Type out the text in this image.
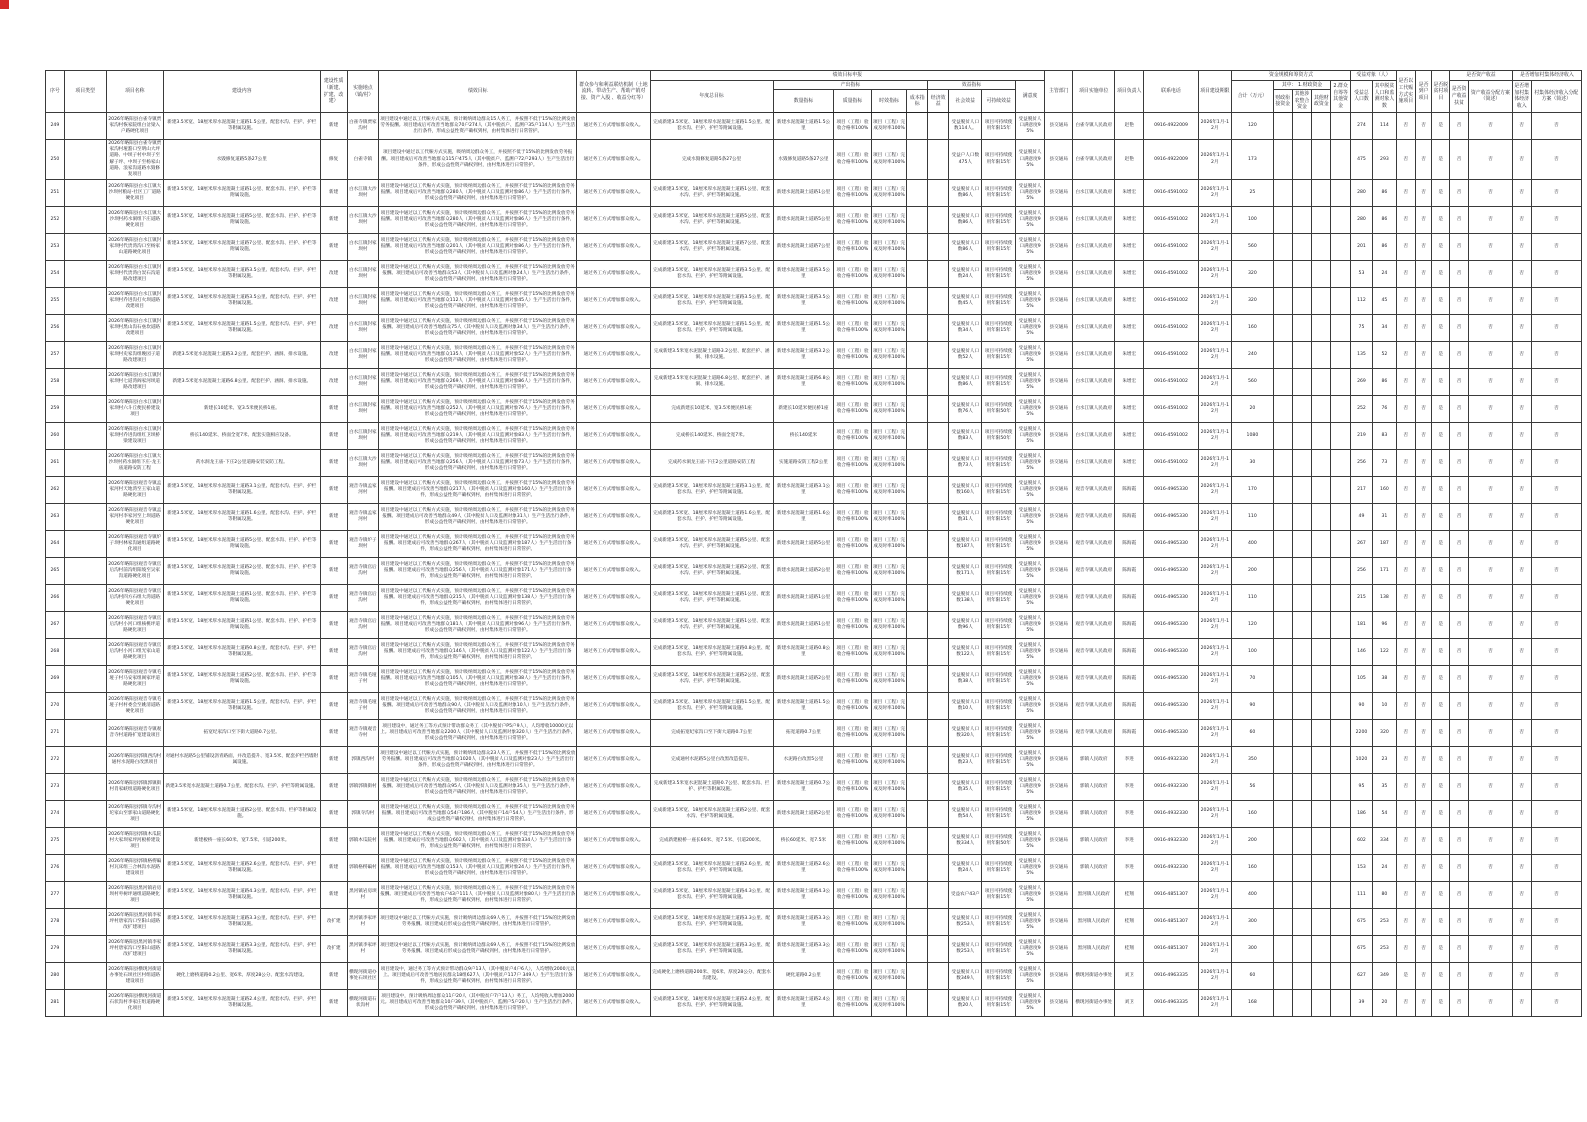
序号	项目类型	项目名称	建设内容	建设性质（新建、扩建、改建）	实施地点（镇/村）	绩效目标	群众参与和利益联结机制（土地流转、带动生产、帮助产销对接、资产入股 、收益分红等）	绩效目标申报									主管部门	项目实施单位	项目负责人	联系电话	项目建设期限	资金规模和筹资方式					受益对象（人）		是否以工代赈方式实施项目	是否到户项目	是否脱贫村项目	是否资产收益		是否增加村集体经济收入	
								年度总目标	产出指标				效益指标			满意度						合计（万元）	其中： 1.财政资金			2.群众自筹等其他资金	受益总人口数	其中脱贫人口和监测对象人数				是否资产收益扶贫	资产收益分配方案（简述）	是否增加村集体经济收入	村集体经济收入分配方案（简述）
									数量指标	质量指标	时效指标	成本指标	经济效益	社会效益	可持续效益								财政衔接资金	其他涉农整合资金	其他财政资金										
249		2026年略阳县白雀寺镇贾家沟村恢家院组白岔梁入户路硬化项目	新建3.5米宽、18厘米厚水泥混凝土道路1.5公里、配套水沟、拦护、护栏等附属设施。	新建	白雀寺镇贾家沟村	项目建设中通过以工代赈方式实施，预计吸纳周边群众15人务工，并按照不低于15%的比例发放劳务报酬。项目建成后可改善当地群众70户274人（其中脱贫户、监测户35户114人）生产生活出行条件，形成公益性资产确权到村，由村集体进行日常管护。	通过务工方式增加群众收入。	完成新建3.5米宽、18厘米厚水泥混凝土道路1.5公里、配套水沟、拦护、护栏等附属设施。	新建水泥混凝土道路1.5公里	项目（工程）验收合格率100%	项目（工程）完成及时率100%			受益脱贫人口数114人。	项目可持续使用年限15年	受益脱贫人口满意度95%	县交通局	白雀寺镇人民政府	赵艳	0916-4922009	2026年1月-12月	120					274	114	否	否	是	否	否	否	否
250		2026年略阳县白雀寺镇贾家沟村垭豁口至明山大坪道路、中坝子村中坝子至解子坪、中坝子至杨家山道路、浪家沟道路水毁修复项目	水毁修复道路5条27公里	修复	白雀寺镇	项目建设中通过以工代赈方式实施，吸纳周边群众务工，并按照不低于15%的比例发放劳务报酬。项目建成后可改善当地群众115户475人（其中脱贫户、监测户72户293人）生产生活出行条件，形成公益性资产确权到村，由村集体进行日常管护。	通过务工方式增加群众收入。	完成水毁修复道路5条27公里	水毁修复道路5条27公里	项目（工程）验收合格率100%	项目（工程）完成及时率100%			受益户人口数475人	项目可持续使用年限15年	受益脱贫人口满意度95%	县交通局	白雀寺镇人民政府	赵艳	0916-4922009	2026年1月-12月	173					475	293	否	否	是	否	否	否	否
251		2026年略阳县白水江镇大沙坝村粮站-社区工厂道路硬化项目	新建3.5米宽、18厘米厚水泥混凝土道路1公里、配套水沟、拦护、护栏等附属设施。	新建	白水江镇大沙坝村	项目建设中通过以工代赈方式实施，预计吸纳周边群众务工，并按照不低于15%的比例发放劳务报酬。项目建成后可改善当地群众280人（其中脱贫人口及监测对象86人）生产生活出行条件，形成公益性资产确权到村，由村集体进行日常管护。	通过务工方式增加群众收入。	完成新建3.5米宽、18厘米厚水泥混凝土道路1公里、配套水沟、拦护、护栏等附属设施。	新建水泥混凝土道路1公里	项目（工程）验收合格率100%	项目（工程）完成及时率100%			受益脱贫人口数86人	项目可持续使用年限15年	受益脱贫人口满意度95%	县交通局	白水江镇人民政府	朱增宏	0916-4591002	2026年1月-12月	25					280	86	否	否	是	否	否	否	否
252		2026年略阳县白水江镇大沙坝村药水洞组下庄道路硬化项目	新建3.5米宽、18厘米厚水泥混凝土道路5公里、配套水沟、拦护、护栏等附属设施。	新建	白水江镇大沙坝村	项目建设中通过以工代赈方式实施，预计吸纳周边群众务工，并按照不低于15%的比例发放劳务报酬。项目建成后可改善当地群众280人（其中脱贫人口及监测对象86人）生产生活出行条件，形成公益性资产确权到村，由村集体进行日常管护。	通过务工方式增加群众收入。	完成新建3.5米宽、18厘米厚水泥混凝土道路5公里、配套水沟、拦护、护栏等附属设施。	新建水泥混凝土道路5公里	项目（工程）验收合格率100%	项目（工程）完成及时率100%			受益脱贫人口数86人	项目可持续使用年限15年	受益脱贫人口满意度95%	县交通局	白水江镇人民政府	朱增宏	0916-4591002	2026年1月-12月	100					280	86	否	否	是	否	否	否	否
253		2026年略阳县白水江镇封家坝村代贵湾沟口至杨家山道路硬化项目	新建3.5米宽、18厘米厚水泥混凝土道路7公里、配套水沟、拦护、护栏等附属设施。	新建	白水江镇封家坝村	项目建设中通过以工代赈方式实施，预计吸纳周边群众务工，并按照不低于15%的比例发放劳务报酬。项目建成后可改善当地群众201人（其中脱贫人口及监测对象86人）生产生活出行条件，形成公益性资产确权到村，由村集体进行日常管护。	通过务工方式增加群众收入。	完成新建3.5米宽、18厘米厚水泥混凝土道路7公里、配套水沟、拦护、护栏等附属设施。	新建水泥混凝土道路7公里	项目（工程）验收合格率100%	项目（工程）完成及时率100%			受益脱贫人口数86人	项目可持续使用年限15年	受益脱贫人口满意度95%	县交通局	白水江镇人民政府	朱增宏	0916-4591002	2026年1月-12月	560					201	86	否	否	是	否	否	否	否
254		2026年略阳县白水江镇封家坝村代贵湾白炭石沟道路改建项目	新建3.5米宽、18厘米厚水泥混凝土道路3.5公里、配套水沟、拦护、护栏等附属设施。	改建	白水江镇封家坝村	项目建设中通过以工代赈方式实施，预计吸纳周边群众务工，并按照不低于15%的比例发放劳务报酬。项目建成后可改善当地群众53人（其中脱贫人口及监测对象24人）生产生活出行条件，形成公益性资产确权到村，由村集体进行日常管护。	通过务工方式增加群众收入。	完成新建3.5米宽、18厘米厚水泥混凝土道路3.5公里、配套水沟、拦护、护栏等附属设施。	新建水泥混凝土道路3.5公里	项目（工程）验收合格率100%	项目（工程）完成及时率100%			受益脱贫人口数24人	项目可持续使用年限15年	受益脱贫人口满意度95%	县交通局	白水江镇人民政府	朱增宏	0916-4591002	2026年1月-12月	320					53	24	否	否	是	否	否	否	否
255		2026年略阳县白水江镇封家坝村乔进沟打火坝道路改建项目	新建3.5米宽、18厘米厚水泥混凝土道路3.5公里、配套水沟、拦护、护栏等附属设施。	改建	白水江镇封家坝村	项目建设中通过以工代赈方式实施，预计吸纳周边群众务工，并按照不低于15%的比例发放劳务报酬。项目建成后可改善当地群众112人（其中脱贫人口及监测对象45人）生产生活出行条件，形成公益性资产确权到村，由村集体进行日常管护。	通过务工方式增加群众收入。	完成新建3.5米宽、18厘米厚水泥混凝土道路3.5公里、配套水沟、拦护、护栏等附属设施。	新建水泥混凝土道路3.5公里	项目（工程）验收合格率100%	项目（工程）完成及时率100%			受益脱贫人口数45人	项目可持续使用年限15年	受益脱贫人口满意度95%	县交通局	白水江镇人民政府	朱增宏	0916-4591002	2026年1月-12月	320					112	45	否	否	是	否	否	否	否
256		2026年略阳县白水江镇封家坝村黑山沟石垒坎道路改建项目	新建3.5米宽、18厘米厚水泥混凝土道路1.5公里、配套水沟、拦护、护栏等附属设施。	改建	白水江镇封家坝村	项目建设中通过以工代赈方式实施，预计吸纳周边群众务工，并按照不低于15%的比例发放劳务报酬。项目建成后可改善当地群众75人（其中脱贫人口及监测对象34人）生产生活出行条件，形成公益性资产确权到村，由村集体进行日常管护。	通过务工方式增加群众收入。	完成新建3.5米宽、18厘米厚水泥混凝土道路1.5公里、配套水沟、拦护、护栏等附属设施。	新建水泥混凝土道路1.5公里	项目（工程）验收合格率100%	项目（工程）完成及时率100%			受益脱贫人口数34人	项目可持续使用年限15年	受益脱贫人口满意度95%	县交通局	白水江镇人民政府	朱增宏	0916-4591002	2026年1月-12月	160					75	34	否	否	是	否	否	否	否
257		2026年略阳县白水江镇封家坝村史家沟组晚园子道路改建项目	新建3.5米宽水泥混凝土道路3.2公里、配套拦护、涵洞、排水设施。	改建	白水江镇封家坝村	项目建设中通过以工代赈方式实施，预计吸纳周边群众务工，并按照不低于15%的比例发放劳务报酬。项目建成后可改善当地群众135人（其中脱贫人口及监测对象52人）生产生活出行条件，形成公益性资产确权到村，由村集体进行日常管护。	通过务工方式增加群众收入。	完成新建3.5米宽水泥混凝土道路3.2公里、配套拦护、涵洞、排水设施。	新建水泥混凝土道路3.2公里	项目（工程）验收合格率100%	项目（工程）完成及时率100%			受益脱贫人口数52人	项目可持续使用年限15年	受益脱贫人口满意度95%	县交通局	白水江镇人民政府	朱增宏	0916-4591002	2026年1月-12月	240					135	52	否	否	是	否	否	否	否
258		2026年略阳县白水江镇封家坝村七道湾阎家河坝道路改建项目	新建3.5米宽水泥混凝土道路6.8公里、配套拦护、涵洞、排水设施。	改建	白水江镇封家坝村	项目建设中通过以工代赈方式实施，预计吸纳周边群众务工，并按照不低于15%的比例发放劳务报酬。项目建成后可改善当地群众269人（其中脱贫人口及监测对象86人）生产生活出行条件，形成公益性资产确权到村，由村集体进行日常管护。	通过务工方式增加群众收入。	完成新建3.5米宽水泥混凝土道路6.8公里、配套拦护、涵洞、排水设施。	新建水泥混凝土道路6.8公里	项目（工程）验收合格率100%	项目（工程）完成及时率100%			受益脱贫人口数86人	项目可持续使用年限15年	受益脱贫人口满意度95%	县交通局	白水江镇人民政府	朱增宏	0916-4591002	2026年1月-12月	560					269	86	否	否	是	否	否	否	否
259		2026年略阳县白水江镇封家坝村六斗丘便民桥建设项目	新建长10延米、宽3.5米便民桥1座。	新建	白水江镇封家坝村	项目建设中通过以工代赈方式实施，预计吸纳周边群众务工，并按照不低于15%的比例发放劳务报酬。项目建成后可改善当地群众252人（其中脱贫人口及监测对象76人）生产生活出行条件，形成公益性资产确权到村，由村集体进行日常管护。	通过务工方式增加群众收入。	完成新建长10延米、宽3.5米便民桥1座	新建长10延米便民桥1座	项目（工程）验收合格率100%	项目（工程）完成及时率100%			受益脱贫人口数76人	项目可持续使用年限50年	受益脱贫人口满意度95%	县交通局	白水江镇人民政府	朱增宏	0916-4591002	2026年1月-12月	20					252	76	否	否	是	否	否	否	否
260		2026年略阳县白水江镇封家坝村乔进沟组红卫坝桥梁建设项目	桥长140延米、桥面全宽7米、配套实施相应设备。	新建	白水江镇封家坝村	项目建设中通过以工代赈方式实施，预计吸纳周边群众务工，并按照不低于15%的比例发放劳务报酬。项目建成后可改善当地群众219人（其中脱贫人口及监测对象83人）生产生活出行条件，形成公益性资产确权到村，由村集体进行日常管护。	通过务工方式增加群众收入。	完成桥长140延米、桥面全宽7米。	桥长140延米	项目（工程）验收合格率100%	项目（工程）完成及时率100%			受益脱贫人口数83人	项目可持续使用年限50年	受益脱贫人口满意度95%	县交通局	白水江镇人民政府	朱增宏	0916-4591002	2026年1月-12月	1080					219	83	否	否	是	否	否	否	否
261		2026年略阳县白水江镇大沙坝村药水洞组下庄-龙王庙道路安防工程	药水洞龙王庙-下庄2公里道路安装安防工程。	新建	白水江镇大沙坝村	项目建设中通过以工代赈方式实施，预计吸纳周边群众务工，并按照不低于15%的比例发放劳务报酬。项目建成后可改善当地群众256人（其中脱贫人口及监测对象73人）生产生活出行条件，形成公益性资产确权到村，由村集体进行日常管护。	通过务工方式增加群众收入。	完成药水洞龙王庙-下庄2公里道路安防工程	实施道路安防工程2公里	项目（工程）验收合格率100%	项目（工程）完成及时率100%			受益脱贫人口数73人	项目可持续使用年限15年	受益脱贫人口满意度95%	县交通局	白水江镇人民政府	朱增宏	0916-4591002	2026年1月-12月	30					256	73	否	否	是	否	否	否	否
262		2026年略阳县观音寺镇孟家河村天地湾至王家山道路硬化项目	新建3.5米宽、18厘米厚水泥混凝土道路3.1公里、配套水沟、拦护、护栏等附属设施。	新建	观音寺镇孟家河村	项目建设中通过以工代赈方式实施，预计吸纳周边群众务工，并按照不低于15%的比例发放劳务报酬。项目建成后可改善当地群众217人（其中脱贫人口及监测对象160人）生产生活出行条件，形成公益性资产确权到村，由村集体进行日常管护。	通过务工方式增加群众收入。	完成新建3.5米宽、18厘米厚水泥混凝土道路3.1公里、配套水沟、拦护、护栏等附属设施。	新建水泥混凝土道路3.1公里	项目（工程）验收合格率100%	项目（工程）完成及时率100%			受益脱贫人口数160人	项目可持续使用年限15年	受益脱贫人口满意度95%	县交通局	观音寺镇人民政府	陈海霞	0916-4965330	2026年1月-12月	170					217	160	否	否	是	否	否	否	否
263		2026年略阳县观音寺镇孟家河村李家河至上坝道路硬化项目	新建3.5米宽、18厘米厚水泥混凝土道路1.6公里、配套水沟、拦护、护栏等附属设施。	新建	观音寺镇孟家河村	项目建设中通过以工代赈方式实施，预计吸纳周边群众务工，并按照不低于15%的比例发放劳务报酬。项目建成后可改善当地群众49人（其中脱贫人口及监测对象31人）生产生活出行条件，形成公益性资产确权到村，由村集体进行日常管护。	通过务工方式增加群众收入。	完成新建3.5米宽、18厘米厚水泥混凝土道路1.6公里、配套水沟、拦护、护栏等附属设施。	新建水泥混凝土道路1.6公里	项目（工程）验收合格率100%	项目（工程）完成及时率100%			受益脱贫人口数31人	项目可持续使用年限15年	受益脱贫人口满意度95%	县交通局	观音寺镇人民政府	陈海霞	0916-4965330	2026年1月-12月	110					49	31	否	否	是	否	否	否	否
264		2026年略阳县观音寺镇炉子坝村林家沟通组道路硬化项目	新建3.5米宽、18厘米厚水泥混凝土道路5公里、配套水沟、拦护、护栏等附属设施。	新建	观音寺镇炉子坝村	项目建设中通过以工代赈方式实施，预计吸纳周边群众务工，并按照不低于15%的比例发放劳务报酬。项目建成后可改善当地群众267人（其中脱贫人口及监测对象187人）生产生活出行条件，形成公益性资产确权到村，由村集体进行日常管护。	通过务工方式增加群众收入。	完成新建3.5米宽、18厘米厚水泥混凝土道路5公里、配套水沟、拦护、护栏等附属设施。	新建水泥混凝土道路5公里	项目（工程）验收合格率100%	项目（工程）完成及时率100%			受益脱贫人口数187人	项目可持续使用年限15年	受益脱贫人口满意度95%	县交通局	观音寺镇人民政府	陈海霞	0916-4965330	2026年1月-12月	400					267	187	否	否	是	否	否	否	否
265		2026年略阳县观音寺镇官后沟村前沟组阳坡至吴家沟道路硬化项目	新建3.5米宽、18厘米厚水泥混凝土道路2公里、配套水沟、拦护、护栏等附属设施。	新建	观音寺镇官后沟村	项目建设中通过以工代赈方式实施，预计吸纳周边群众务工，并按照不低于15%的比例发放劳务报酬。项目建成后可改善当地群众256人（其中脱贫人口及监测对象171人）生产生活出行条件，形成公益性资产确权到村，由村集体进行日常管护。	通过务工方式增加群众收入。	完成新建3.5米宽、18厘米厚水泥混凝土道路2公里、配套水沟、拦护、护栏等附属设施。	新建水泥混凝土道路2公里	项目（工程）验收合格率100%	项目（工程）完成及时率100%			受益脱贫人口数171人	项目可持续使用年限15年	受益脱贫人口满意度95%	县交通局	观音寺镇人民政府	陈海霞	0916-4965330	2026年1月-12月	200					256	171	否	否	是	否	否	否	否
266		2026年略阳县观音寺镇官后沟村四方石组大湾道路硬化项目	新建3.5米宽、18厘米厚水泥混凝土道路1公里、配套水沟、拦护、护栏等附属设施。	新建	观音寺镇官后沟村	项目建设中通过以工代赈方式实施，预计吸纳周边群众务工，并按照不低于15%的比例发放劳务报酬。项目建成后可改善当地群众215人（其中脱贫人口及监测对象138人）生产生活出行条件，形成公益性资产确权到村，由村集体进行日常管护。	通过务工方式增加群众收入。	完成新建3.5米宽、18厘米厚水泥混凝土道路1公里、配套水沟、拦护、护栏等附属设施。	新建水泥混凝土道路1公里	项目（工程）验收合格率100%	项目（工程）完成及时率100%			受益脱贫人口数138人	项目可持续使用年限15年	受益脱贫人口满意度95%	县交通局	观音寺镇人民政府	陈海霞	0916-4965330	2026年1月-12月	110					215	138	否	否	是	否	否	否	否
267		2026年略阳县观音寺镇官后沟村小河口组核桃坪道路硬化项目	新建3.5米宽、18厘米厚水泥混凝土道路1公里、配套水沟、拦护、护栏等附属设施。	新建	观音寺镇官后沟村	项目建设中通过以工代赈方式实施，预计吸纳周边群众务工，并按照不低于15%的比例发放劳务报酬。项目建成后可改善当地群众181人（其中脱贫人口及监测对象96人）生产生活出行条件，形成公益性资产确权到村，由村集体进行日常管护。	通过务工方式增加群众收入。	完成新建3.5米宽、18厘米厚水泥混凝土道路1公里、配套水沟、拦护、护栏等附属设施。	新建水泥混凝土道路1公里	项目（工程）验收合格率100%	项目（工程）完成及时率100%			受益脱贫人口数96人	项目可持续使用年限15年	受益脱贫人口满意度95%	县交通局	观音寺镇人民政府	陈海霞	0916-4965330	2026年1月-12月	120					181	96	否	否	是	否	否	否	否
268		2026年略阳县观音寺镇官后沟村小河口组光家山道路硬化项目	新建3.5米宽、18厘米厚水泥混凝土道路0.8公里、配套水沟、拦护、护栏等附属设施。	新建	观音寺镇官后沟村	项目建设中通过以工代赈方式实施，预计吸纳周边群众务工，并按照不低于15%的比例发放劳务报酬。项目建成后可改善当地群众146人（其中脱贫人口及监测对象122人）生产生活出行条件，形成公益性资产确权到村，由村集体进行日常管护。	通过务工方式增加群众收入。	完成新建3.5米宽、18厘米厚水泥混凝土道路0.8公里、配套水沟、拦护、护栏等附属设施。	新建水泥混凝土道路0.8公里	项目（工程）验收合格率100%	项目（工程）完成及时率100%			受益脱贫人口数122人	项目可持续使用年限15年	受益脱贫人口满意度95%	县交通局	观音寺镇人民政府	陈海霞	0916-4965330	2026年1月-12月	100					146	122	否	否	是	否	否	否	否
269		2026年略阳县观音寺镇毛垭子村马安家组阎家坪道路硬化项目	新建3.5米宽、18厘米厚水泥混凝土道路2公里、配套水沟、拦护、护栏等附属设施。	新建	观音寺镇毛垭子村	项目建设中通过以工代赈方式实施，预计吸纳周边群众务工，并按照不低于15%的比例发放劳务报酬。项目建成后可改善当地群众105人（其中脱贫人口及监测对象38人）生产生活出行条件，形成公益性资产确权到村，由村集体进行日常管护。	通过务工方式增加群众收入。	完成新建3.5米宽、18厘米厚水泥混凝土道路2公里、配套水沟、拦护、护栏等附属设施。	新建水泥混凝土道路2公里	项目（工程）验收合格率100%	项目（工程）完成及时率100%			受益脱贫人口数38人	项目可持续使用年限15年	受益脱贫人口满意度95%	县交通局	观音寺镇人民政府	陈海霞	0916-4965330	2026年1月-12月	70					105	38	否	否	是	否	否	否	否
270		2026年略阳县观音寺镇毛垭子村村委会至姚清道路硬化项目	新建3.5米宽、18厘米厚水泥混凝土道路1.5公里、配套水沟、拦护、护栏等附属设施。	新建	观音寺镇毛垭子村	项目建设中通过以工代赈方式实施，预计吸纳周边群众务工，并按照不低于15%的比例发放劳务报酬。项目建成后可改善当地群众90人（其中脱贫人口及监测对象10人）生产生活出行条件，形成公益性资产确权到村，由村集体进行日常管护。	通过务工方式增加群众收入。	完成新建3.5米宽、18厘米厚水泥混凝土道路1.5公里、配套水沟、拦护、护栏等附属设施。	新建水泥混凝土道路1.5公里	项目（工程）验收合格率100%	项目（工程）完成及时率100%			受益脱贫人口数10人	项目可持续使用年限15年	受益脱贫人口满意度95%	县交通局	观音寺镇人民政府	陈海霞	0916-4965330	2026年1月-12月	90					90	10	否	否	是	否	否	否	否
271		2026年略阳县观音寺镇观音寺村道路扩宽建设项目	拓宽纪家沟口至下街大道路0.7公里。	新建	观音寺镇观音寺村	项目建设中，通过务工等方式预计带动群众务工（其中脱贫户P5户9人），人均增收10000元以上。项目建成后可改善当地群众2200人（其中脱贫人口及监测对象320人）生产生活出行条件，形成公益性资产确权到村，由村集体进行日常管护。	通过务工方式增加群众收入。	完成拓宽纪家沟口至下街大道路0.7公里	拓宽道路0.7公里	项目（工程）验收合格率100%	项目（工程）完成及时率100%			受益脱贫人口数320人	项目可持续使用年限15年	受益脱贫人口满意度95%	县交通局	观音寺镇人民政府	陈海霞	0916-4965330	2026年1月-12月	60					2200	320	否	否	是	否	否	否	否
272		2026年略阳县郭镇西沟村通村水泥路白改黑项目	对通村水泥路5公里铺设沥青路面，并改造提升、宽3.5米、配套护栏挡墙附属设施。	新建	郭镇西沟村	项目建设中通过以工代赈方式实施，预计吸纳周边群众23人务工，并按照不低于15%的比例发放劳务报酬。项目建成后可改善当地群众1020人（其中脱贫人口及监测对象23人）生产生活出行条件，形成公益性资产确权到村，由村集体进行日常管护。	通过务工方式增加群众收入。	完成通村水泥路5公里白改黑改造提升。	水泥路白改黑5公里	项目（工程）验收合格率100%	项目（工程）完成及时率100%			受益脱贫人口数23人	项目可持续使用年限15年	受益脱贫人口满意度95%	县交通局	郭镇人民政府	李进	0916-4932330	2026年1月-12月	350					1020	23	否	否	是	否	否	否	否
273		2026年略阳县郭镇郭镇街村肖家峡组道路硬化项目	新建3.5米宽水泥混凝土道路0.7公里、配套水沟、拦护、护栏等附属设施。	新建	郭镇郭镇街村	项目建设中通过以工代赈方式实施，预计吸纳周边群众务工，并按照不低于15%的比例发放劳务报酬。项目建成后可改善当地群众95人（其中脱贫人口及监测对象35人）生产生活出行条件，形成公益性资产确权到村，由村集体进行日常管护。	通过务工方式增加群众收入。	完成新建3.5米宽水泥混凝土道路0.7公里、配套水沟、拦护、护栏等附属设施。	新建水泥混凝土道路0.7公里	项目（工程）验收合格率100%	项目（工程）完成及时率100%			受益脱贫人口数35人	项目可持续使用年限15年	受益脱贫人口满意度95%	县交通局	郭镇人民政府	李进	0916-4932330	2026年1月-12月	56					95	35	否	否	是	否	否	否	否
274		2026年略阳县郭镇寺沟村坨家山至郭家山道路硬化项目	新建3.5米宽、18厘米厚水泥混凝土道路2公里、配套水沟、栏护等附属设施。	新建	郭镇寺沟村	项目建设中通过以工代赈方式实施，预计吸纳周边群众务工，并按照不低于15%的比例发放劳务报酬。项目建成后可改善当地群众54户186人（其中脱贫户14户54人）生产生活出行条件，形成公益性资产确权到村，由村集体进行日常管护。	通过务工方式增加群众收入。	完成新建3.5米宽、18厘米厚水泥混凝土道路2公里、配套水沟、栏护等附属设施。	新建水泥混凝土道路2公里	项目（工程）验收合格率100%	项目（工程）完成及时率100%			受益脱贫人口数54人	项目可持续使用年限15年	受益脱贫人口满意度95%	县交通局	郭镇人民政府	李进	0916-4932330	2026年1月-12月	160					186	54	否	否	是	否	否	否	否
275		2026年略阳县郭镇木瓜院村大家坝家坪河板桥建设项目	新建板桥一座长60米、宽7.5米、引道200米。	新建	郭镇木瓜院村	项目建设中通过以工代赈方式实施，预计吸纳周边群众务工，并按照不低于15%的比例发放劳务报酬。项目建成后可改善当地群众602人（其中脱贫人口及监测对象334人）生产生活出行条件，形成公益性资产确权到村，由村集体进行日常管护。	通过务工方式增加群众收入。	完成新建板桥一座长60米、宽7.5米、引道200米。	桥长60延米、宽7.5米	项目（工程）验收合格率100%	项目（工程）完成及时率100%			受益脱贫人口数334人	项目可持续使用年限50年	受益脱贫人口满意度95%	县交通局	郭镇人民政府	李进	0916-4932330	2026年1月-12月	200					602	334	否	否	是	否	否	否	否
276		2026年略阳县郭镇格楞碥村瓦床组三合林沟水泥路建设项目	新建3.5米宽、18厘米厚水泥混凝土道路2.6公里、配套水沟、拦护、护栏等附属设施。	新建	郭镇格楞碥村	项目建设中通过以工代赈方式实施，预计吸纳周边群众务工，并按照不低于15%的比例发放劳务报酬。项目建成后可改善当地群众153人（其中脱贫人口及监测对象24人）生产生活出行条件，形成公益性资产确权到村，由村集体进行日常管护。	通过务工方式增加群众收入。	完成新建3.5米宽、18厘米厚水泥混凝土道路2.6公里、配套水沟、拦护、护栏等附属设施。	新建水泥混凝土道路2.6公里	项目（工程）验收合格率100%	项目（工程）完成及时率100%			受益脱贫人口数24人	项目可持续使用年限15年	受益脱贫人口满意度95%	县交通局	郭镇人民政府	李进	0916-4932330	2026年1月-12月	160					153	24	否	否	是	否	否	否	否
277		2026年略阳县黑河镇岩房坝村枣树坪通组道路硬化项目	新建3.5米宽、18厘米厚水泥混凝土道路4.3公里、配套水沟、拦护、护栏等附属设施。	新建	黑河镇岩房坝村	项目建设中通过以工代赈方式实施，预计吸纳周边群众务工，并按照不低于15%的比例发放劳务报酬。项目建成后可改善当地农户43户111人（其中脱贫人口及监测对象80人）生产生活出行条件，形成公益性资产确权到村，由村集体进行日常管护。	通过务工方式增加群众收入。	完成新建3.5米宽、18厘米厚水泥混凝土道路4.3公里、配套水沟、拦护、护栏等附属设施。	新建水泥混凝土道路4.3公里	项目（工程）验收合格率100%	项目（工程）完成及时率100%			受益农户43户	项目可持续使用年限15年	受益脱贫人口满意度95%	县交通局	黑河镇人民政府	桂翔	0916-4851307	2026年1月-12月	400					111	80	否	否	是	否	否	否	否
278		2026年略阳县黑河镇李家坪村唐家沟口至阳山道路改扩建项目	新建3.5米宽、18厘米厚水泥混凝土道路3.3公里、配套水沟、拦护、护栏等附属设施。	改扩建	黑河镇李家坪村	项目建设中通过以工代赈方式实施，预计吸纳周边群众69人务工，并按照不低于15%的比例发放劳务报酬。项目建成后形成公益性资产确权到村，由村集体进行日常管护。	通过务工方式增加群众收入。	完成新建3.5米宽、18厘米厚水泥混凝土道路3.3公里、配套水沟、拦护、护栏等附属设施。	新建水泥混凝土道路3.3公里	项目（工程）验收合格率100%	项目（工程）完成及时率100%			受益脱贫人口数253人	项目可持续使用年限15年	受益脱贫人口满意度95%	县交通局	黑河镇人民政府	桂翔	0916-4851307	2026年1月-12月	300					675	253	否	否	是	否	否	否	否
279		2026年略阳县黑河镇李家坪村唐家沟口至阳山道路改扩建项目	新建3.5米宽、18厘米厚水泥混凝土道路3.3公里、配套水沟、拦护、护栏等附属设施。	改扩建	黑河镇李家坪村	项目建设中通过以工代赈方式实施，预计吸纳周边群众69人务工，并按照不低于15%的比例发放劳务报酬。项目建成后形成公益性资产确权到村，由村集体进行日常管护。	通过务工方式增加群众收入。	完成新建3.5米宽、18厘米厚水泥混凝土道路3.3公里、配套水沟、拦护、护栏等附属设施。	新建水泥混凝土道路3.3公里	项目（工程）验收合格率100%	项目（工程）完成及时率100%			受益脱贫人口数253人	项目可持续使用年限15年	受益脱贫人口满意度95%	县交通局	黑河镇人民政府	桂翔	0916-4851307	2026年1月-12月	300					675	253	否	否	是	否	否	否	否
280		2026年略阳县横现河街道办事处石坝社区村组道路建设项目	硬化上磨桥道路0.2公里、宽6米、厚度28公分、配套水沟建设。	新建	横现河街道办事处石坝社区	项目建设中，通过务工等方式预计带动群众9户13人（其中脱贫户4户6人），人均增收2000元以上。项目建成后可改善当地居民群众18组627人（其中脱贫户117户 349人）生产生活出行条件，形成公益性资产确权到村，由村集体进行日常管护。	通过务工方式增加群众收入。	完成硬化上磨桥道路200米、宽6米、厚度28公分、配套水沟建设。	硬化道路0.2公里	项目（工程）验收合格率100%	项目（工程）完成及时率100%			受益脱贫人口数349人	项目可持续使用年限15年	受益脱贫人口满意度95%	县交通局	横现河街道办事处	刘卫	0916-4963335	2026年1月-12月	60					627	349	是	否	是	否	否	否	否
281		2026年略阳县横现河街道石状沟村李家庄组道路硬化项目	新建3.5米宽、18厘米厚水泥混凝土道路2.4公里、配套水沟、拦护、护栏等附属设施。	新建	横现河街道石状沟村	项目建设中，预计吸纳周边群众11户20人（其中脱贫户7户13人）务工，人均纯收入增加2000元。项目建成后可改善当地群众10户39人（其中脱贫户、监测户5户20人）生产生活出行条件，形成公益性资产确权到村，由村集体进行日常管护。	通过务工方式增加群众收入。	完成新建3.5米宽、18厘米厚水泥混凝土道路2.4公里、配套水沟、拦护、护栏等附属设施。	新建水泥混凝土道路2.4公里	项目（工程）验收合格率100%	项目（工程）完成及时率100%			受益脱贫人口数20人	项目可持续使用年限15年	受益脱贫人口满意度95%	县交通局	横现河街道办事处	刘卫	0916-4963335	2026年1月-12月	168					39	20	否	否	是	否	否	否	否
